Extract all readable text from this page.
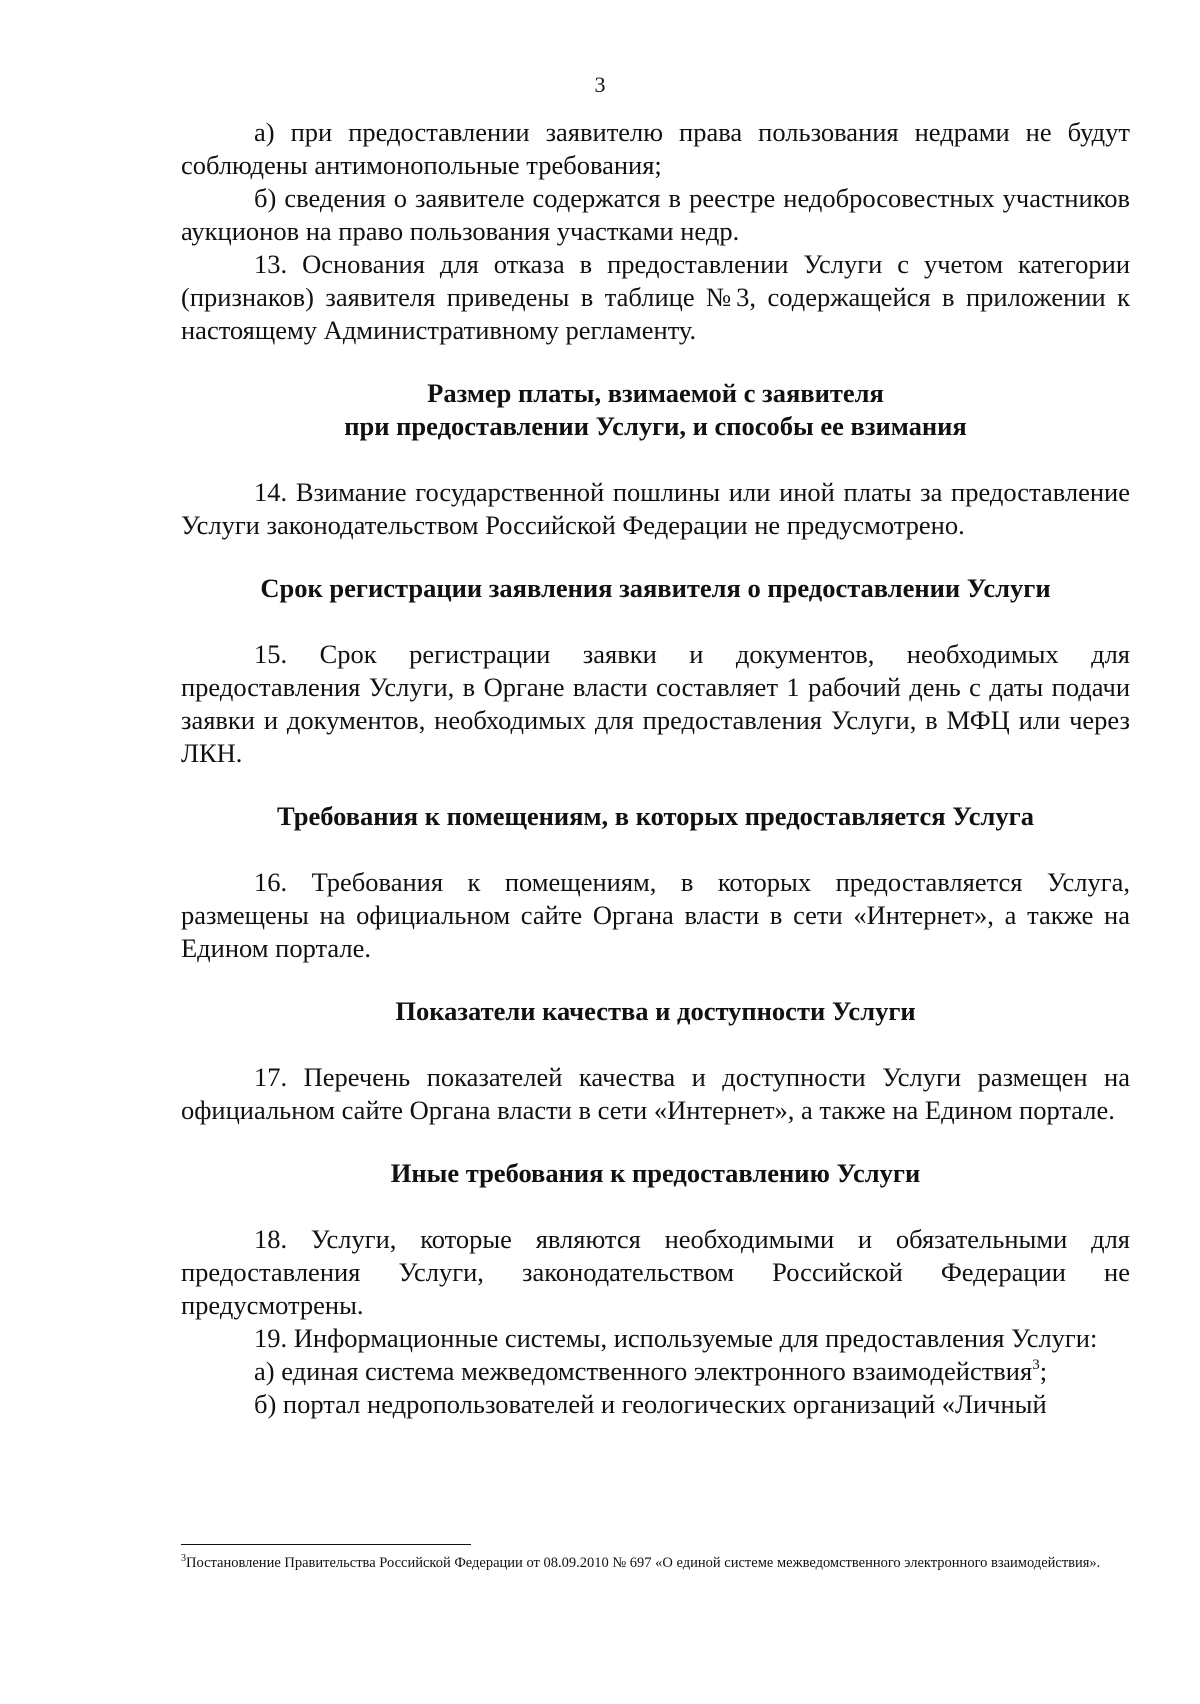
3

а) при предоставлении заявителю права пользования недрами не будут соблюдены антимонопольные требования;

б) сведения о заявителе содержатся в реестре недобросовестных участников аукционов на право пользования участками недр.

13. Основания для отказа в предоставлении Услуги с учетом категории (признаков) заявителя приведены в таблице №3, содержащейся в приложении к настоящему Административному регламенту.

Размер платы, взимаемой с заявителя
при предоставлении Услуги, и способы ее взимания

14. Взимание государственной пошлины или иной платы за предоставление Услуги законодательством Российской Федерации не предусмотрено.

Срок регистрации заявления заявителя о предоставлении Услуги

15. Срок регистрации заявки и документов, необходимых для предоставления Услуги, в Органе власти составляет 1 рабочий день с даты подачи заявки и документов, необходимых для предоставления Услуги, в МФЦ или через ЛКН.

Требования к помещениям, в которых предоставляется Услуга

16. Требования к помещениям, в которых предоставляется Услуга, размещены на официальном сайте Органа власти в сети «Интернет», а также на Едином портале.

Показатели качества и доступности Услуги

17. Перечень показателей качества и доступности Услуги размещен на официальном сайте Органа власти в сети «Интернет», а также на Едином портале.

Иные требования к предоставлению Услуги

18. Услуги, которые являются необходимыми и обязательными для предоставления Услуги, законодательством Российской Федерации не предусмотрены.

19. Информационные системы, используемые для предоставления Услуги:

а) единая система межведомственного электронного взаимодействия$^3$;

б) портал недропользователей и геологических организаций «Личный

$^3$Постановление Правительства Российской Федерации от 08.09.2010 № 697 «О единой системе межведомственного электронного взаимодействия».
